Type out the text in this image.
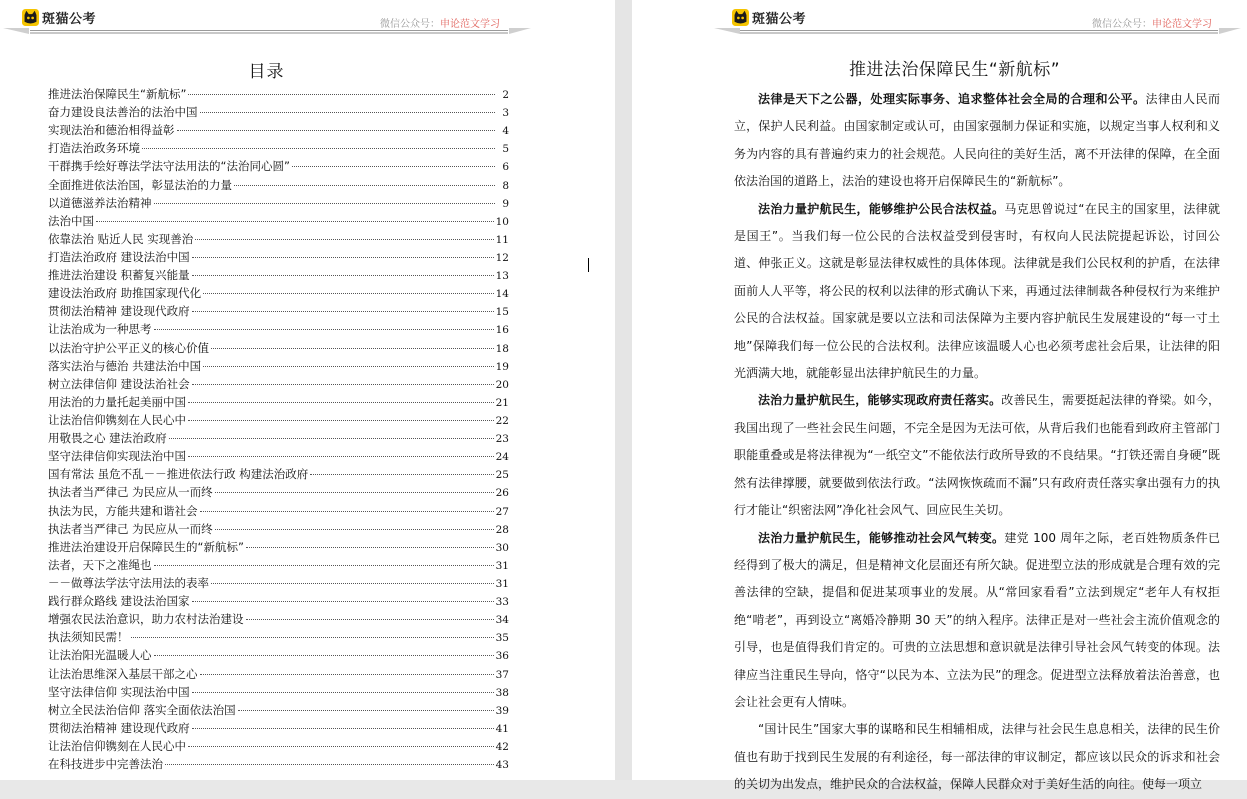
斑猫公考	微信公众号：申论范文学习
目录
推进法治保障民生“新航标”	2
奋力建设良法善治的法治中国	3
实现法治和德治相得益彰	4
打造法治政务环境	5
干群携手绘好尊法学法守法用法的“法治同心圆”	6
全面推进依法治国，彰显法治的力量	8
以道德滋养法治精神	9
法治中国	10
依靠法治 贴近人民 实现善治	11
打造法治政府 建设法治中国	12
推进法治建设 积蓄复兴能量	13
建设法治政府 助推国家现代化	14
贯彻法治精神 建设现代政府	15
让法治成为一种思考	16
以法治守护公平正义的核心价值	18
落实法治与德治 共建法治中国	19
树立法律信仰 建设法治社会	20
用法治的力量托起美丽中国	21
让法治信仰镌刻在人民心中	22
用敬畏之心 建法治政府	23
坚守法律信仰实现法治中国	24
国有常法 虽危不乱－－推进依法行政 构建法治政府	25
执法者当严律己 为民应从一而终	26
执法为民，方能共建和谐社会	27
执法者当严律己 为民应从一而终	28
推进法治建设开启保障民生的“新航标”	30
法者，天下之准绳也	31
－－做尊法学法守法用法的表率	31
践行群众路线 建设法治国家	33
增强农民法治意识，助力农村法治建设	34
执法须知民需！	35
让法治阳光温暖人心	36
让法治思维深入基层干部之心	37
坚守法律信仰 实现法治中国	38
树立全民法治信仰 落实全面依法治国	39
贯彻法治精神 建设现代政府	41
让法治信仰镌刻在人民心中	42
在科技进步中完善法治	43
斑猫公考	微信公众号：申论范文学习
推进法治保障民生“新航标”

法律是天下之公器，处理实际事务、追求整体社会全局的合理和公平。法律由人民而立，保护人民利益。由国家制定或认可，由国家强制力保证和实施，以规定当事人权利和义务为内容的具有普遍约束力的社会规范。人民向往的美好生活，离不开法律的保障，在全面依法治国的道路上，法治的建设也将开启保障民生的“新航标”。

法治力量护航民生，能够维护公民合法权益。马克思曾说过“在民主的国家里，法律就是国王”。当我们每一位公民的合法权益受到侵害时，有权向人民法院提起诉讼，讨回公道、伸张正义。这就是彰显法律权威性的具体体现。法律就是我们公民权利的护盾，在法律面前人人平等，将公民的权利以法律的形式确认下来，再通过法律制裁各种侵权行为来维护公民的合法权益。国家就是要以立法和司法保障为主要内容护航民生发展建设的“每一寸土地”保障我们每一位公民的合法权利。法律应该温暖人心也必须考虑社会后果，让法律的阳光洒满大地，就能彰显出法律护航民生的力量。

法治力量护航民生，能够实现政府责任落实。改善民生，需要挺起法律的脊梁。如今，我国出现了一些社会民生问题，不完全是因为无法可依，从背后我们也能看到政府主管部门职能重叠或是将法律视为“一纸空文”不能依法行政所导致的不良结果。“打铁还需自身硬”既然有法律撑腰，就要做到依法行政。“法网恢恢疏而不漏”只有政府责任落实拿出强有力的执行才能让“织密法网”净化社会风气、回应民生关切。

法治力量护航民生，能够推动社会风气转变。建党 100 周年之际，老百姓物质条件已经得到了极大的满足，但是精神文化层面还有所欠缺。促进型立法的形成就是合理有效的完善法律的空缺，提倡和促进某项事业的发展。从“常回家看看”立法到规定“老年人有权拒绝“啃老”，再到设立“离婚冷静期 30 天”的纳入程序。法律正是对一些社会主流价值观念的引导，也是值得我们肯定的。可贵的立法思想和意识就是法律引导社会风气转变的体现。法律应当注重民生导向，恪守“以民为本、立法为民”的理念。促进型立法释放着法治善意，也会让社会更有人情味。

“国计民生”国家大事的谋略和民生相辅相成，法律与社会民生息息相关，法律的民生价值也有助于找到民生发展的有利途径，每一部法律的审议制定，都应该以民众的诉求和社会的关切为出发点，维护民众的合法权益，保障人民群众对于美好生活的向往。使每一项立
